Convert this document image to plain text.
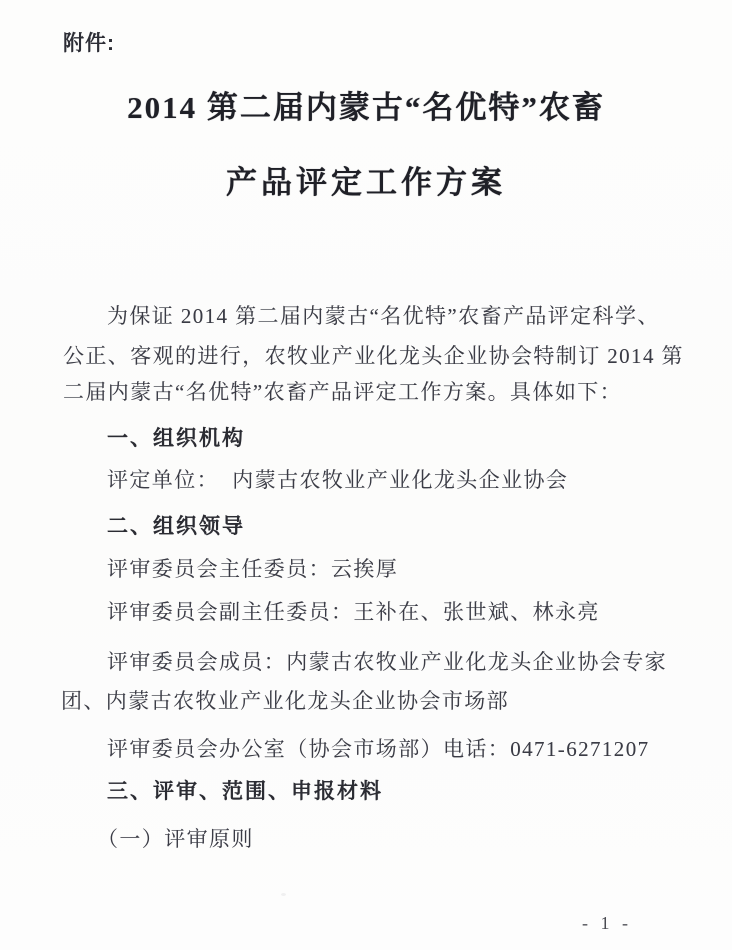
附件:
2014 第二届内蒙古“名优特”农畜
产品评定工作方案
为保证 2014 第二届内蒙古“名优特”农畜产品评定科学、
公正、客观的进行，农牧业产业化龙头企业协会特制订 2014 第
二届内蒙古“名优特”农畜产品评定工作方案。具体如下：
一、组织机构
评定单位：  内蒙古农牧业产业化龙头企业协会
二、组织领导
评审委员会主任委员：云挨厚
评审委员会副主任委员：王补在、张世斌、林永亮
评审委员会成员：内蒙古农牧业产业化龙头企业协会专家
团、内蒙古农牧业产业化龙头企业协会市场部
评审委员会办公室（协会市场部）电话：0471-6271207
三、评审、范围、申报材料
（一）评审原则
- 1 -
